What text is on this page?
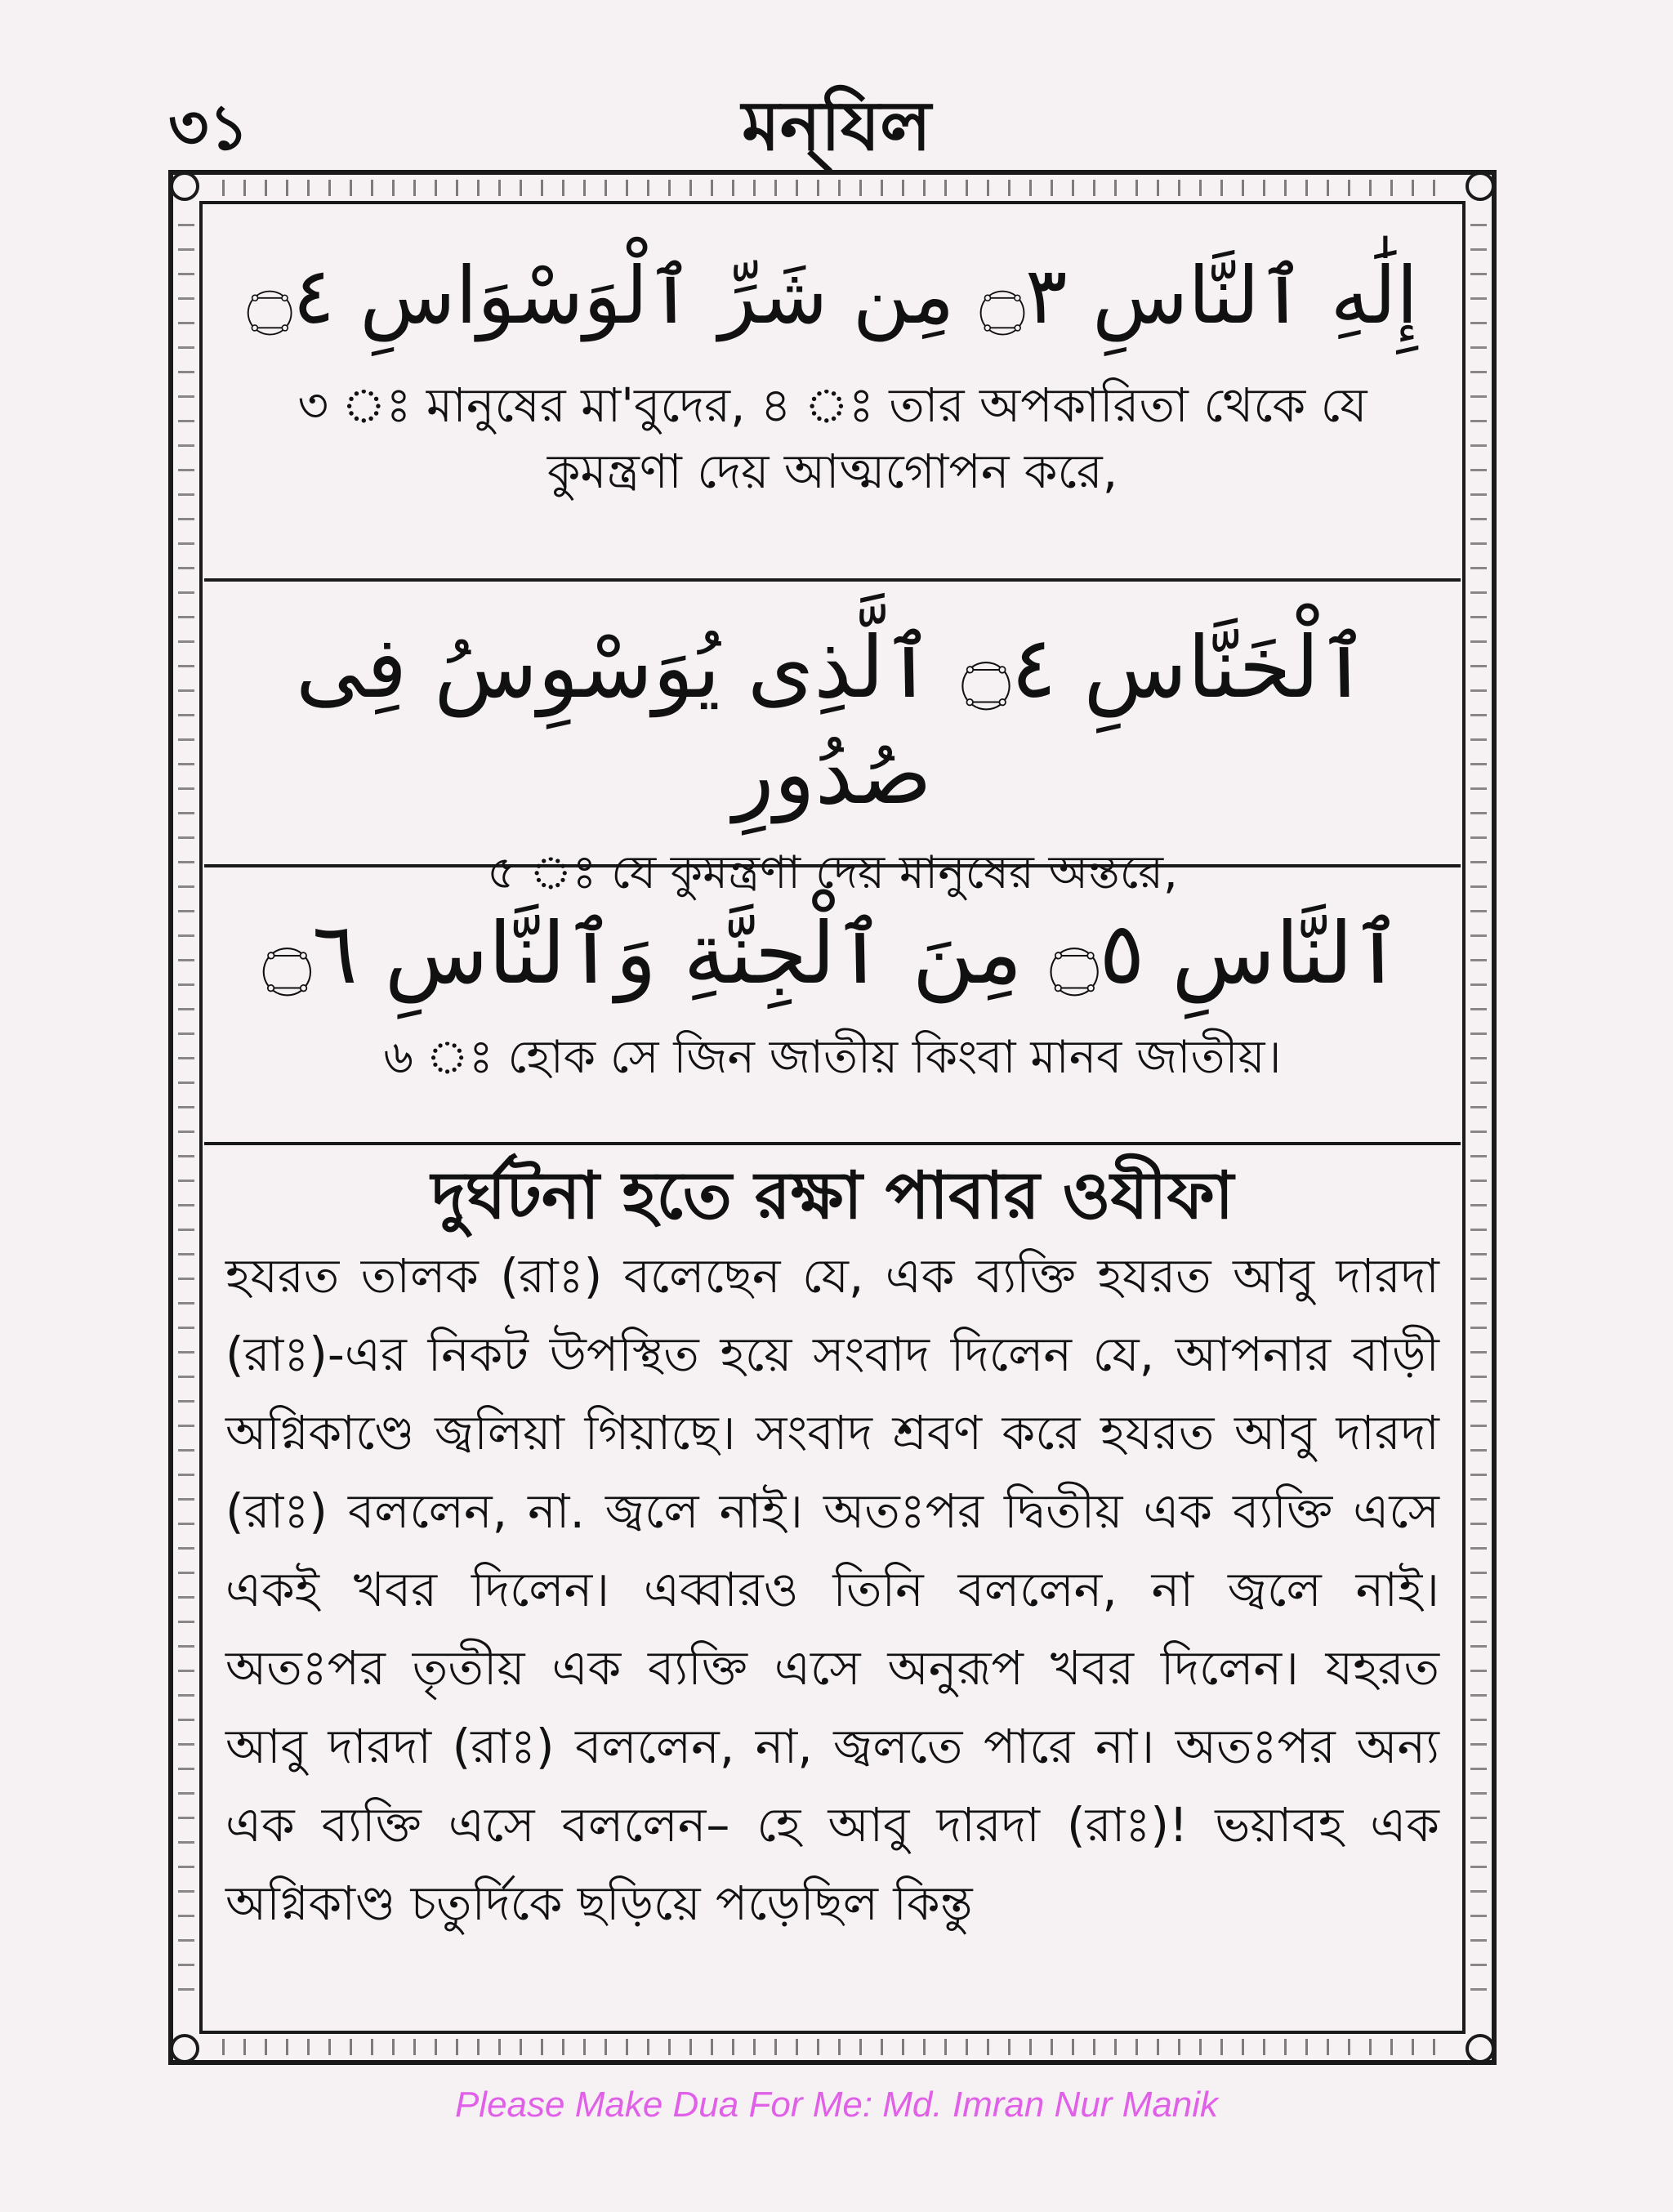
৩১	মন্‌যিল

إِلَٰهِ ٱلنَّاسِ ۝٣ مِن شَرِّ ٱلْوَسْوَاسِ ۝٤

৩ ঃ মানুষের মা'বুদের, ৪ ঃ তার অপকারিতা থেকে যে কুমন্ত্রণা দেয় আত্মগোপন করে,

ٱلْخَنَّاسِ ۝٤ ٱلَّذِى يُوَسْوِسُ فِى صُدُورِ

৫ ঃ যে কুমন্ত্রণা দেয় মানুষের অন্তরে,

ٱلنَّاسِ ۝٥ مِنَ ٱلْجِنَّةِ وَٱلنَّاسِ ۝٦

৬ ঃ হোক সে জিন জাতীয় কিংবা মানব জাতীয়।

দুর্ঘটনা হতে রক্ষা পাবার ওযীফা

হযরত তালক (রাঃ) বলেছেন যে, এক ব্যক্তি হযরত আবু দারদা (রাঃ)-এর নিকট উপস্থিত হয়ে সংবাদ দিলেন যে, আপনার বাড়ী অগ্নিকাণ্ডে জ্বলিয়া গিয়াছে। সংবাদ শ্রবণ করে হযরত আবু দারদা (রাঃ) বললেন, না. জ্বলে নাই। অতঃপর দ্বিতীয় এক ব্যক্তি এসে একই খবর দিলেন। এব্বারও তিনি বললেন, না জ্বলে নাই। অতঃপর তৃতীয় এক ব্যক্তি এসে অনুরূপ খবর দিলেন। যহরত আবু দারদা (রাঃ) বললেন, না, জ্বলতে পারে না। অতঃপর অন্য এক ব্যক্তি এসে বললেন– হে আবু দারদা (রাঃ)! ভয়াবহ এক অগ্নিকাণ্ড চতুর্দিকে ছড়িয়ে পড়েছিল কিন্তু

Please Make Dua For Me: Md. Imran Nur Manik
